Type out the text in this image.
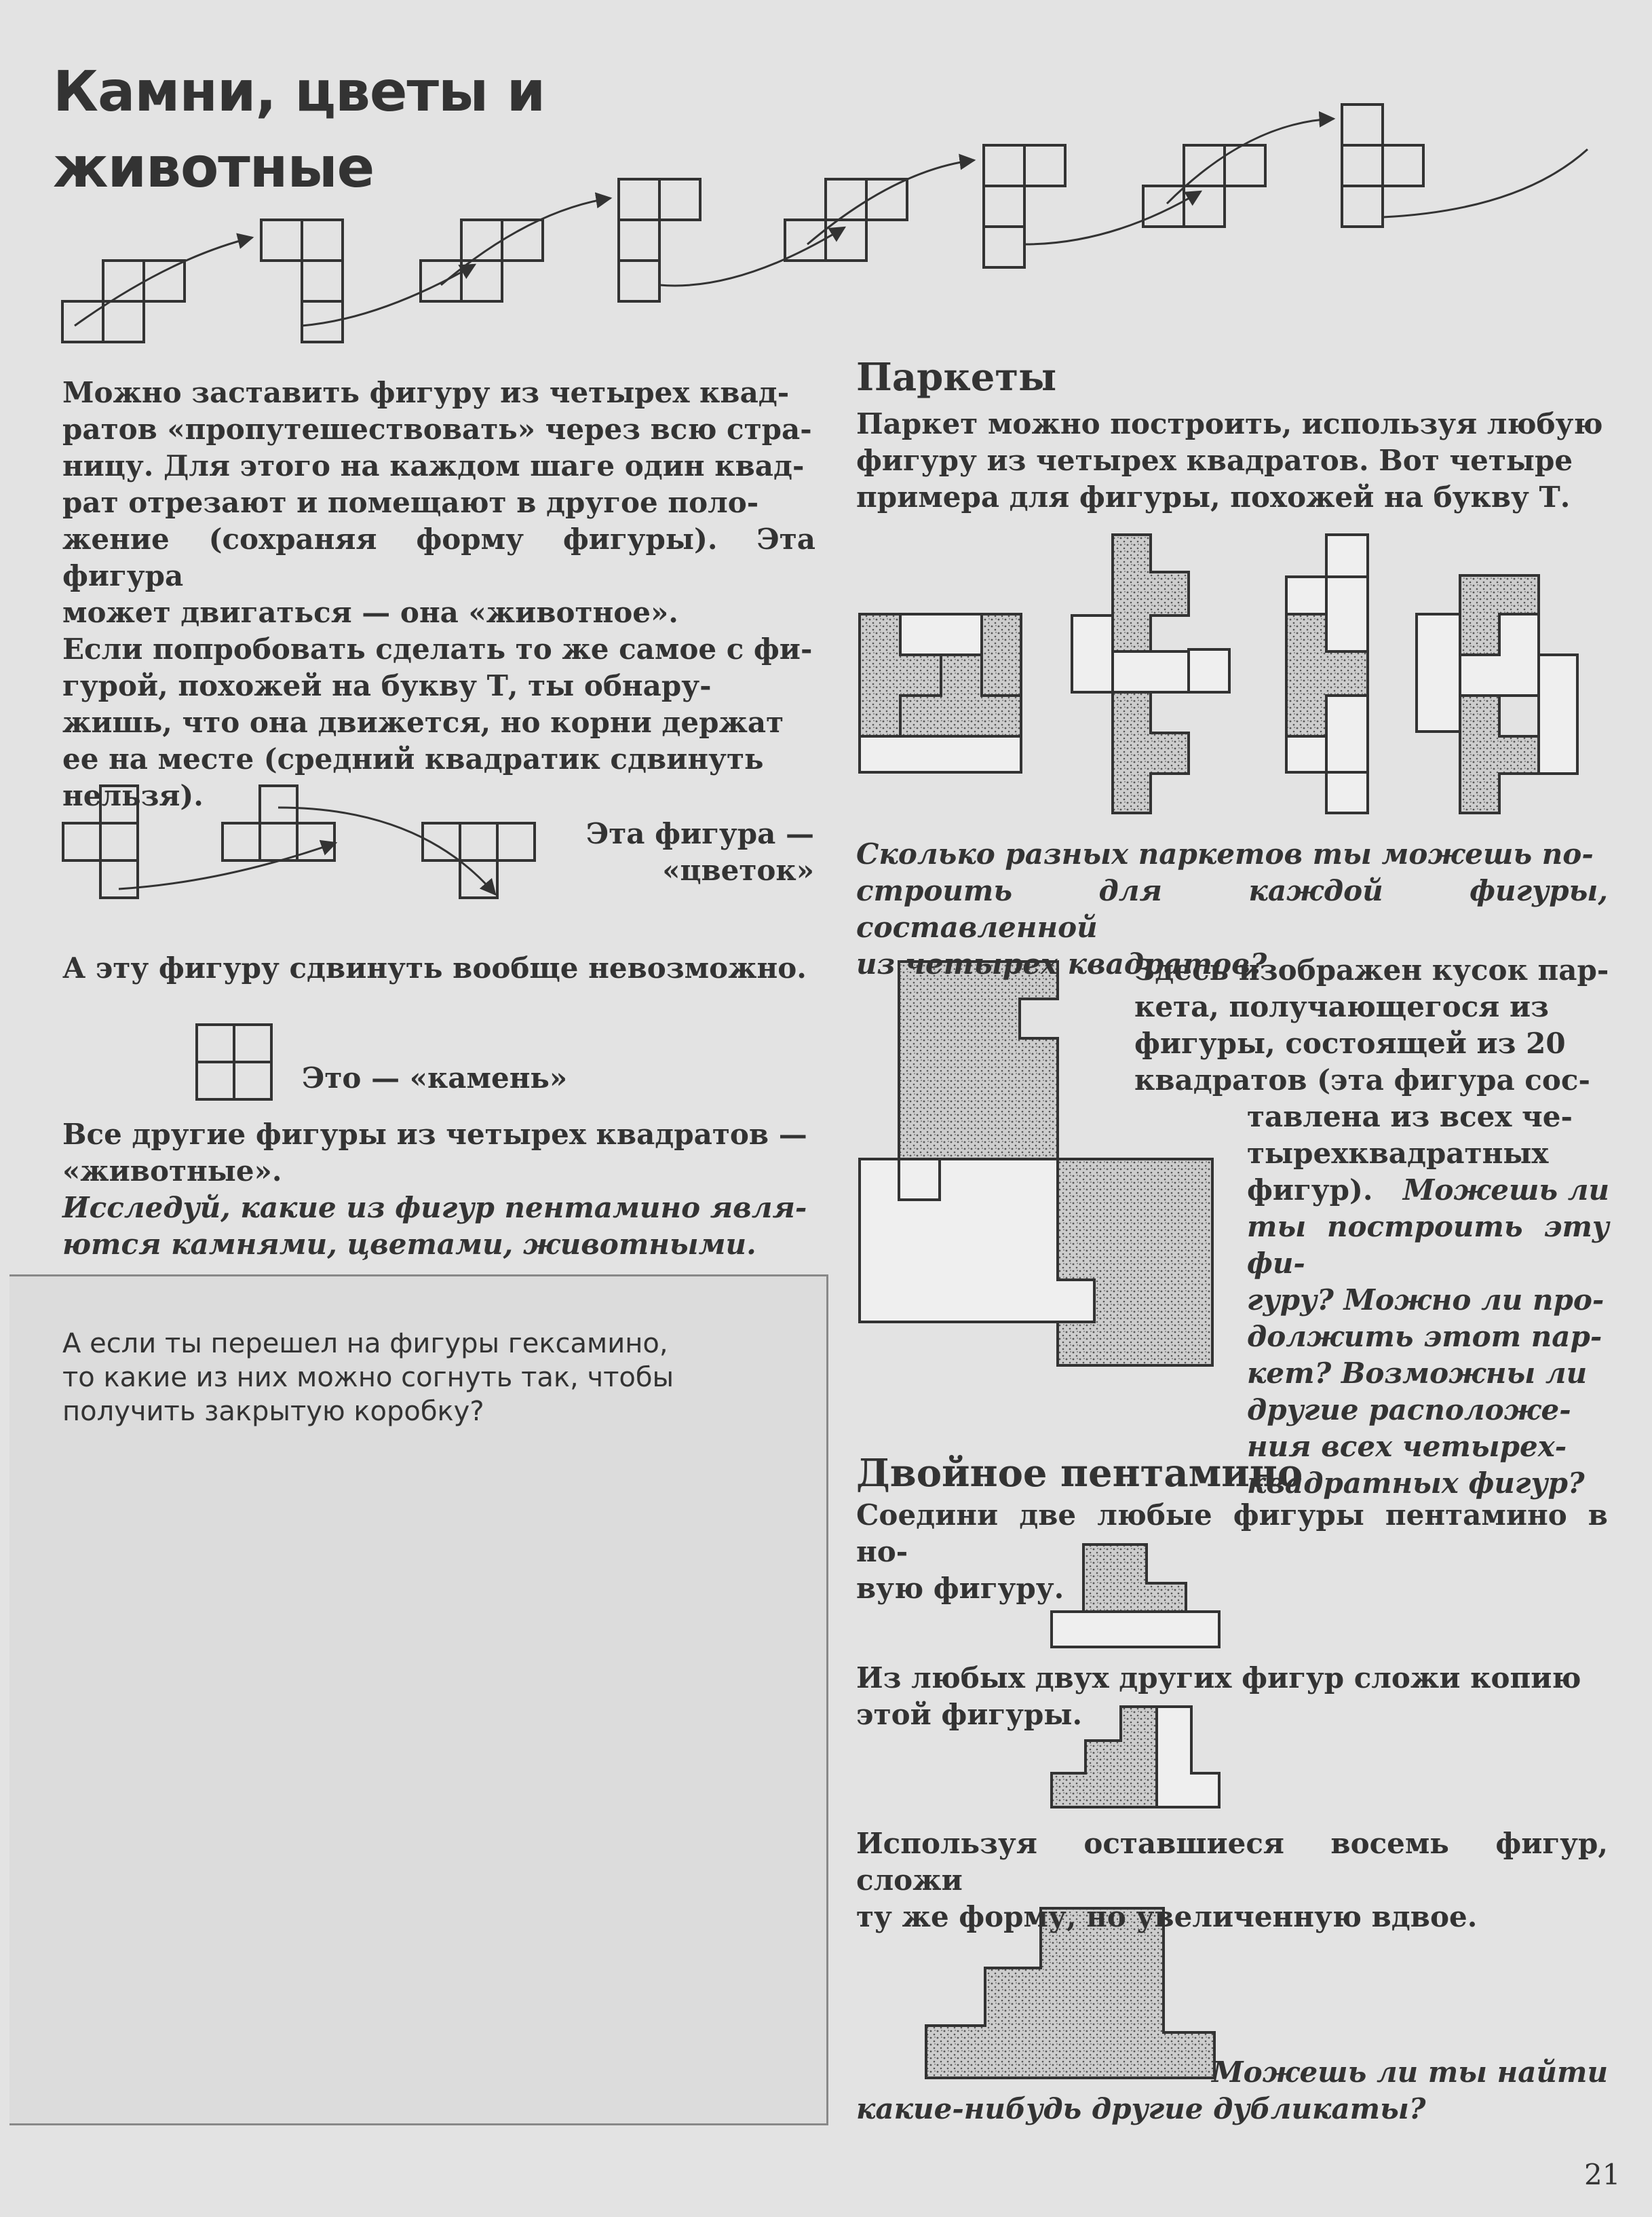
Камни, цветы и
животные
Можно заставить фигуру из четырех квад-
ратов «пропутешествовать» через всю стра-
ницу. Для этого на каждом шаге один квад-
рат отрезают и помещают в другое поло-
жение (сохраняя форму фигуры). Эта фигура
может двигаться — она «животное».
Если попробовать сделать то же самое с фи-
гурой, похожей на букву Т, ты обнару-
жишь, что она движется, но корни держат
ее на месте (средний квадратик сдвинуть
нельзя).
Эта фигура —
«цветок»
А эту фигуру сдвинуть вообще невозможно.
Это — «камень»
Все другие фигуры из четырех квадратов —
«животные».
Исследуй, какие из фигур пентамино явля-
ются камнями, цветами, животными.
А если ты перешел на фигуры гексамино,
то какие из них можно согнуть так, чтобы
получить закрытую коробку?
Паркеты
Паркет можно построить, используя любую
фигуру из четырех квадратов. Вот четыре
примера для фигуры, похожей на букву Т.
Сколько разных паркетов ты можешь по-
строить для каждой фигуры, составленной
из четырех квадратов?
Здесь изображен кусок пар-
кета, получающегося из
фигуры, состоящей из 20
квадратов (эта фигура сос-
тавлена из всех че-
тырехквадратных
фигур). Можешь ли
ты построить эту фи-
гуру? Можно ли про-
должить этот пар-
кет? Возможны ли
другие расположе-
ния всех четырех-
квадратных фигур?
Двойное пентамино
Соедини две любые фигуры пентамино в но-
вую фигуру.
Из любых двух других фигур сложи копию
этой фигуры.
Используя оставшиеся восемь фигур, сложи
ту же форму, но увеличенную вдвое.
Можешь ли ты найти
какие-нибудь другие дубликаты?
21
